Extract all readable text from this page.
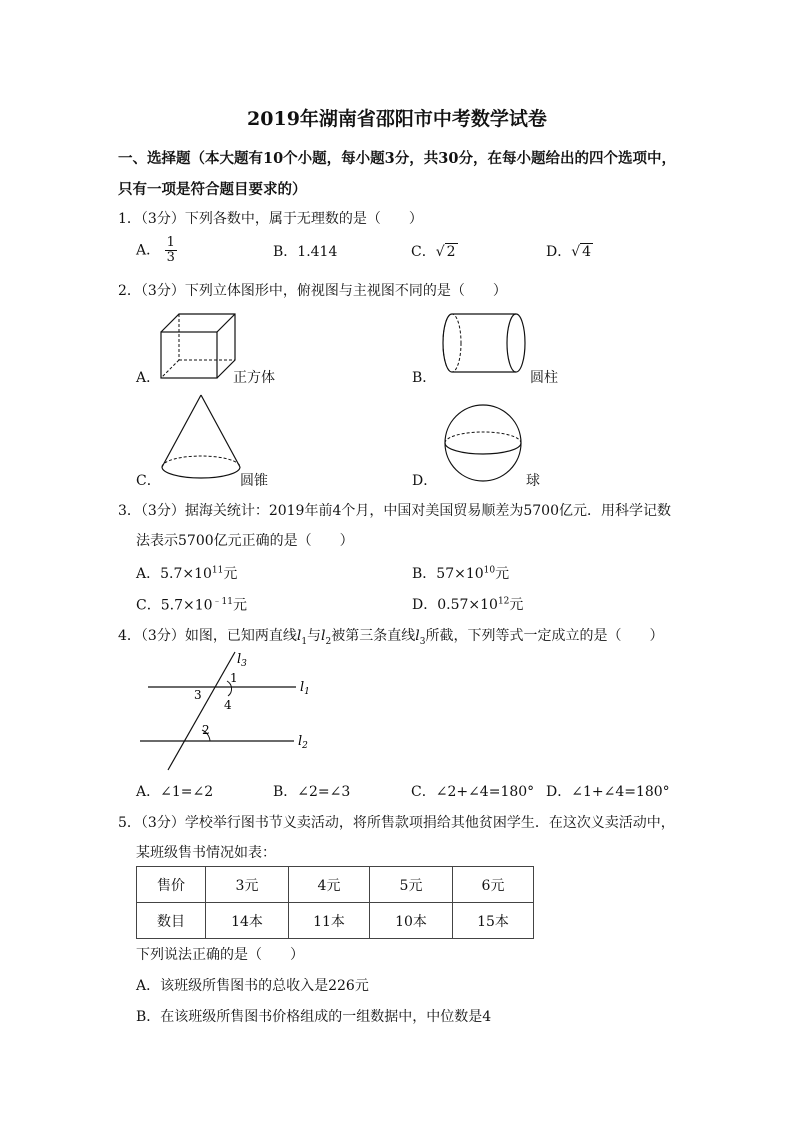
2019年湖南省邵阳市中考数学试卷
一、选择题（本大题有10个小题，每小题3分，共30分，在每小题给出的四个选项中，
只有一项是符合题目要求的）
1．（3分）下列各数中，属于无理数的是（　　）
A． $\frac{1}{3}$	B．1.414	C．√ 2	D．√ 4
2．（3分）下列立体图形中，俯视图与主视图不同的是（　　）
A．	正方体	B．	圆柱
C．	圆锥	D．	球
3．（3分）据海关统计：2019年前4个月，中国对美国贸易顺差为5700亿元．用科学记数
法表示5700亿元正确的是（　　）
A．$5.7\times 10^{11}$元	B．$57\times 10^{10}$元
C．$5.7\times 10^{﹣11}$元	D．$0.57\times 10^{12}$元
4．（3分）如图，已知两直线$l_1$与$l_2$被第三条直线$l_3$所截，下列等式一定成立的是（　　）
$l_3$
$l_1$
$l_2$
1
3
4
2
A．∠1=∠2	B．∠2=∠3	C．∠2+∠4=180° D．∠1+∠4=180°
5．（3分）学校举行图书节义卖活动，将所售款项捐给其他贫困学生．在这次义卖活动中，
某班级售书情况如表：
售价	3元	4元	5元	6元
数目	14本	11本	10本	15本
下列说法正确的是（　　）
A．该班级所售图书的总收入是226元
B．在该班级所售图书价格组成的一组数据中，中位数是4
